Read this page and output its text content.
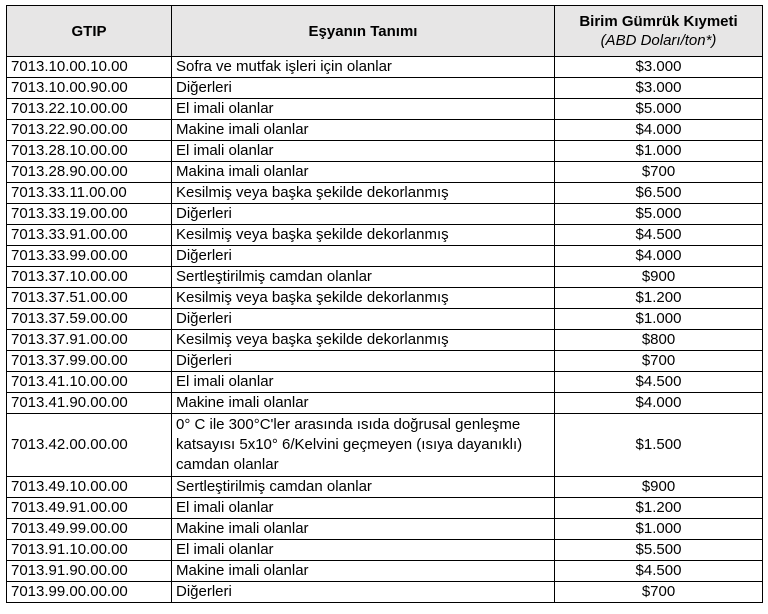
GTIP	Eşyanın Tanımı	Birim Gümrük Kıymeti
(ABD Doları/ton*)

7013.10.00.10.00	Sofra ve mutfak işleri için olanlar	$3.000
7013.10.00.90.00	Diğerleri	$3.000
7013.22.10.00.00	El imali olanlar	$5.000
7013.22.90.00.00	Makine imali olanlar	$4.000
7013.28.10.00.00	El imali olanlar	$1.000
7013.28.90.00.00	Makina imali olanlar	$700
7013.33.11.00.00	Kesilmiş veya başka şekilde dekorlanmış	$6.500
7013.33.19.00.00	Diğerleri	$5.000
7013.33.91.00.00	Kesilmiş veya başka şekilde dekorlanmış	$4.500
7013.33.99.00.00	Diğerleri	$4.000
7013.37.10.00.00	Sertleştirilmiş camdan olanlar	$900
7013.37.51.00.00	Kesilmiş veya başka şekilde dekorlanmış	$1.200
7013.37.59.00.00	Diğerleri	$1.000
7013.37.91.00.00	Kesilmiş veya başka şekilde dekorlanmış	$800
7013.37.99.00.00	Diğerleri	$700
7013.41.10.00.00	El imali olanlar	$4.500
7013.41.90.00.00	Makine imali olanlar	$4.000
7013.42.00.00.00	0° C ile 300°C'ler arasında ısıda doğrusal genleşme katsayısı 5x10° 6/Kelvini geçmeyen (ısıya dayanıklı) camdan olanlar	$1.500
7013.49.10.00.00	Sertleştirilmiş camdan olanlar	$900
7013.49.91.00.00	El imali olanlar	$1.200
7013.49.99.00.00	Makine imali olanlar	$1.000
7013.91.10.00.00	El imali olanlar	$5.500
7013.91.90.00.00	Makine imali olanlar	$4.500
7013.99.00.00.00	Diğerleri	$700
